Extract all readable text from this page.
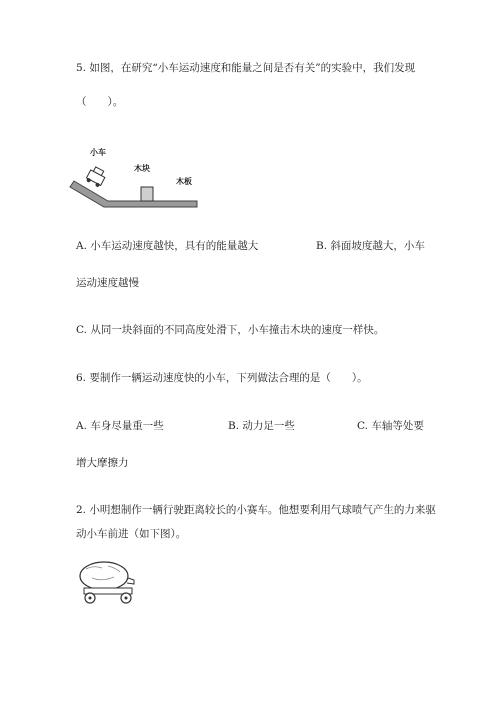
5. 如图，在研究“小车运动速度和能量之间是否有关”的实验中，我们发现
（　　）。
小车
木块
木板
A. 小车运动速度越快，具有的能量越大	B. 斜面坡度越大，小车
运动速度越慢
C. 从同一块斜面的不同高度处滑下，小车撞击木块的速度一样快。
6. 要制作一辆运动速度快的小车，下列做法合理的是（　　）。
A. 车身尽量重一些	B. 动力足一些	C. 车轴等处要
增大摩擦力
2. 小明想制作一辆行驶距离较长的小赛车。他想要利用气球喷气产生的力来驱
动小车前进（如下图）。
